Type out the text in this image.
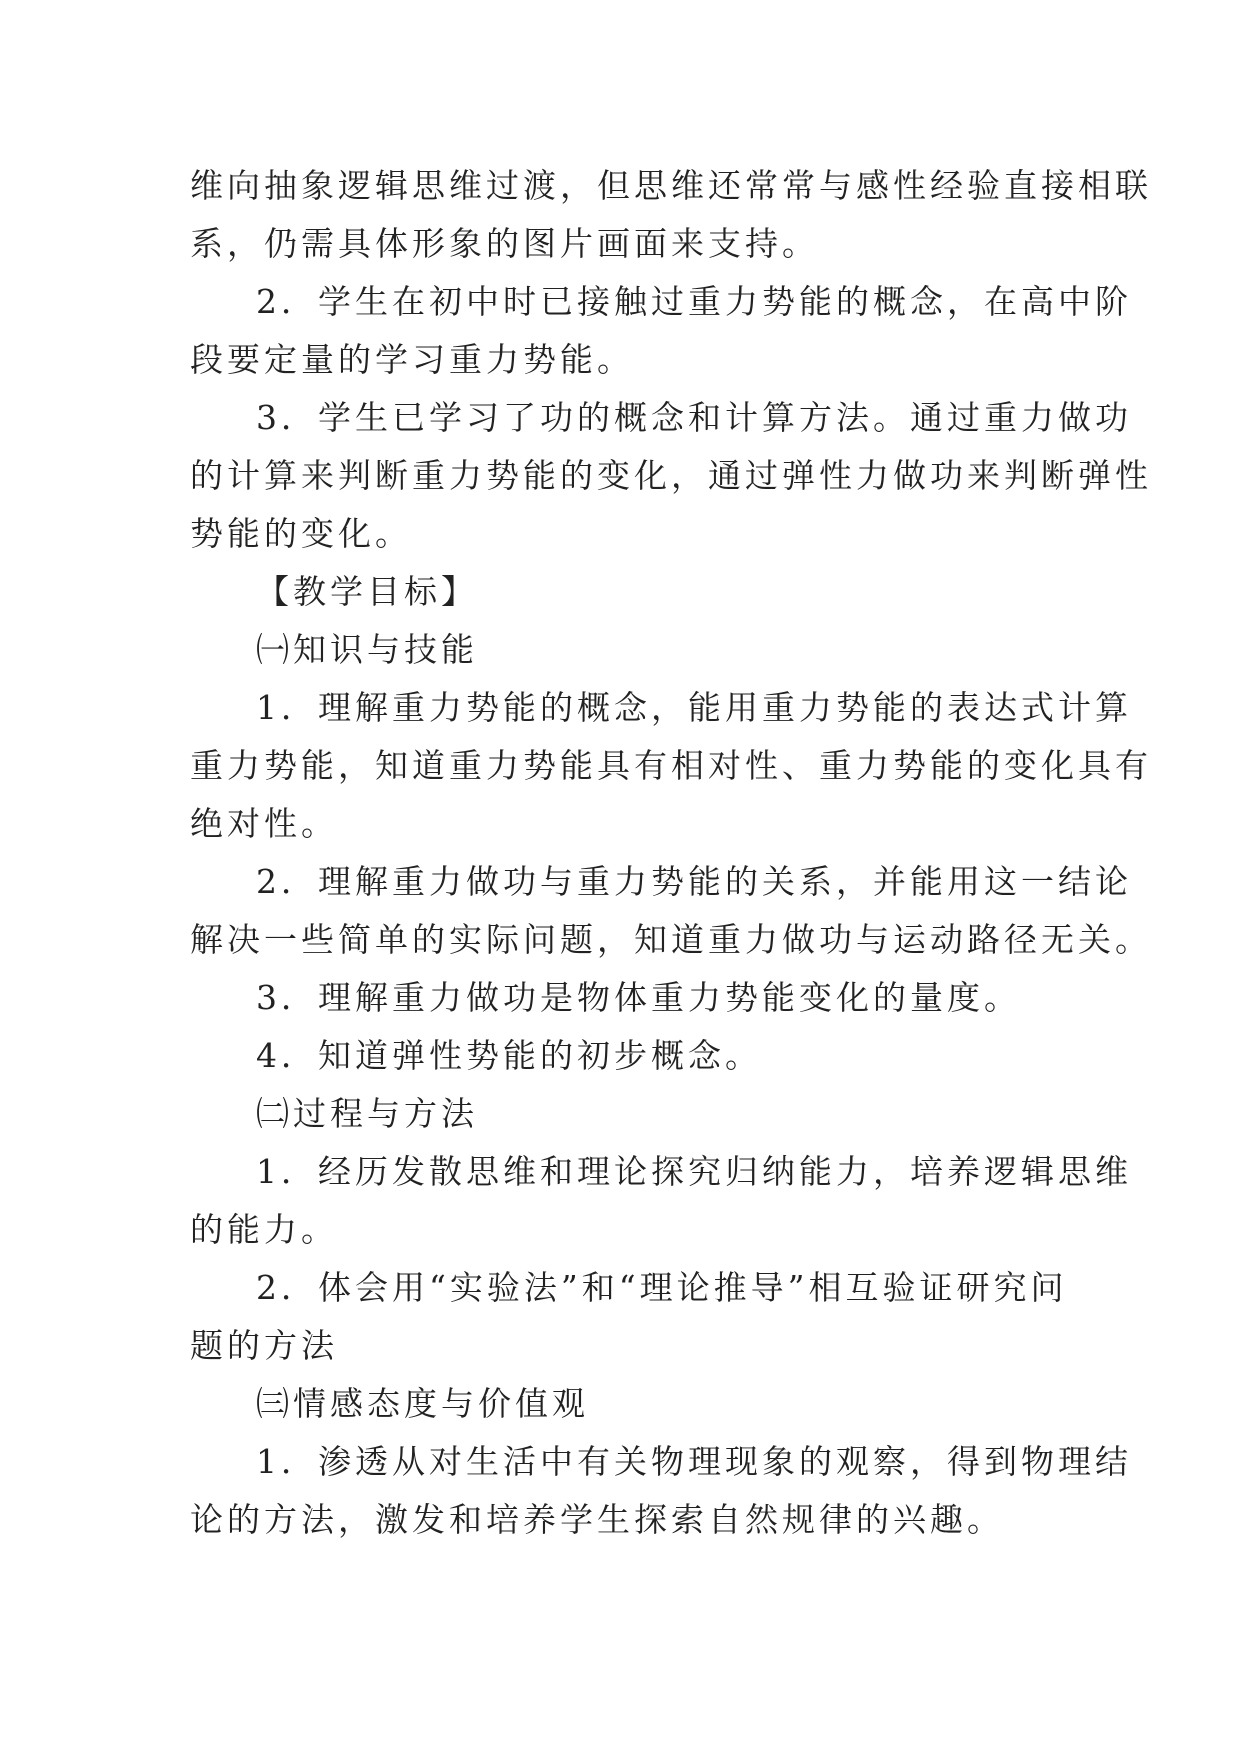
维向抽象逻辑思维过渡，但思维还常常与感性经验直接相联

系，仍需具体形象的图片画面来支持。

2．学生在初中时已接触过重力势能的概念，在高中阶

段要定量的学习重力势能。

3．学生已学习了功的概念和计算方法。通过重力做功

的计算来判断重力势能的变化，通过弹性力做功来判断弹性

势能的变化。

【教学目标】

㈠知识与技能

1．理解重力势能的概念，能用重力势能的表达式计算

重力势能，知道重力势能具有相对性、重力势能的变化具有

绝对性。

2．理解重力做功与重力势能的关系，并能用这一结论

解决一些简单的实际问题，知道重力做功与运动路径无关。

3．理解重力做功是物体重力势能变化的量度。

4．知道弹性势能的初步概念。

㈡过程与方法

1．经历发散思维和理论探究归纳能力，培养逻辑思维

的能力。

2．体会用“实验法”和“理论推导”相互验证研究问

题的方法

㈢情感态度与价值观

1．渗透从对生活中有关物理现象的观察，得到物理结

论的方法，激发和培养学生探索自然规律的兴趣。
